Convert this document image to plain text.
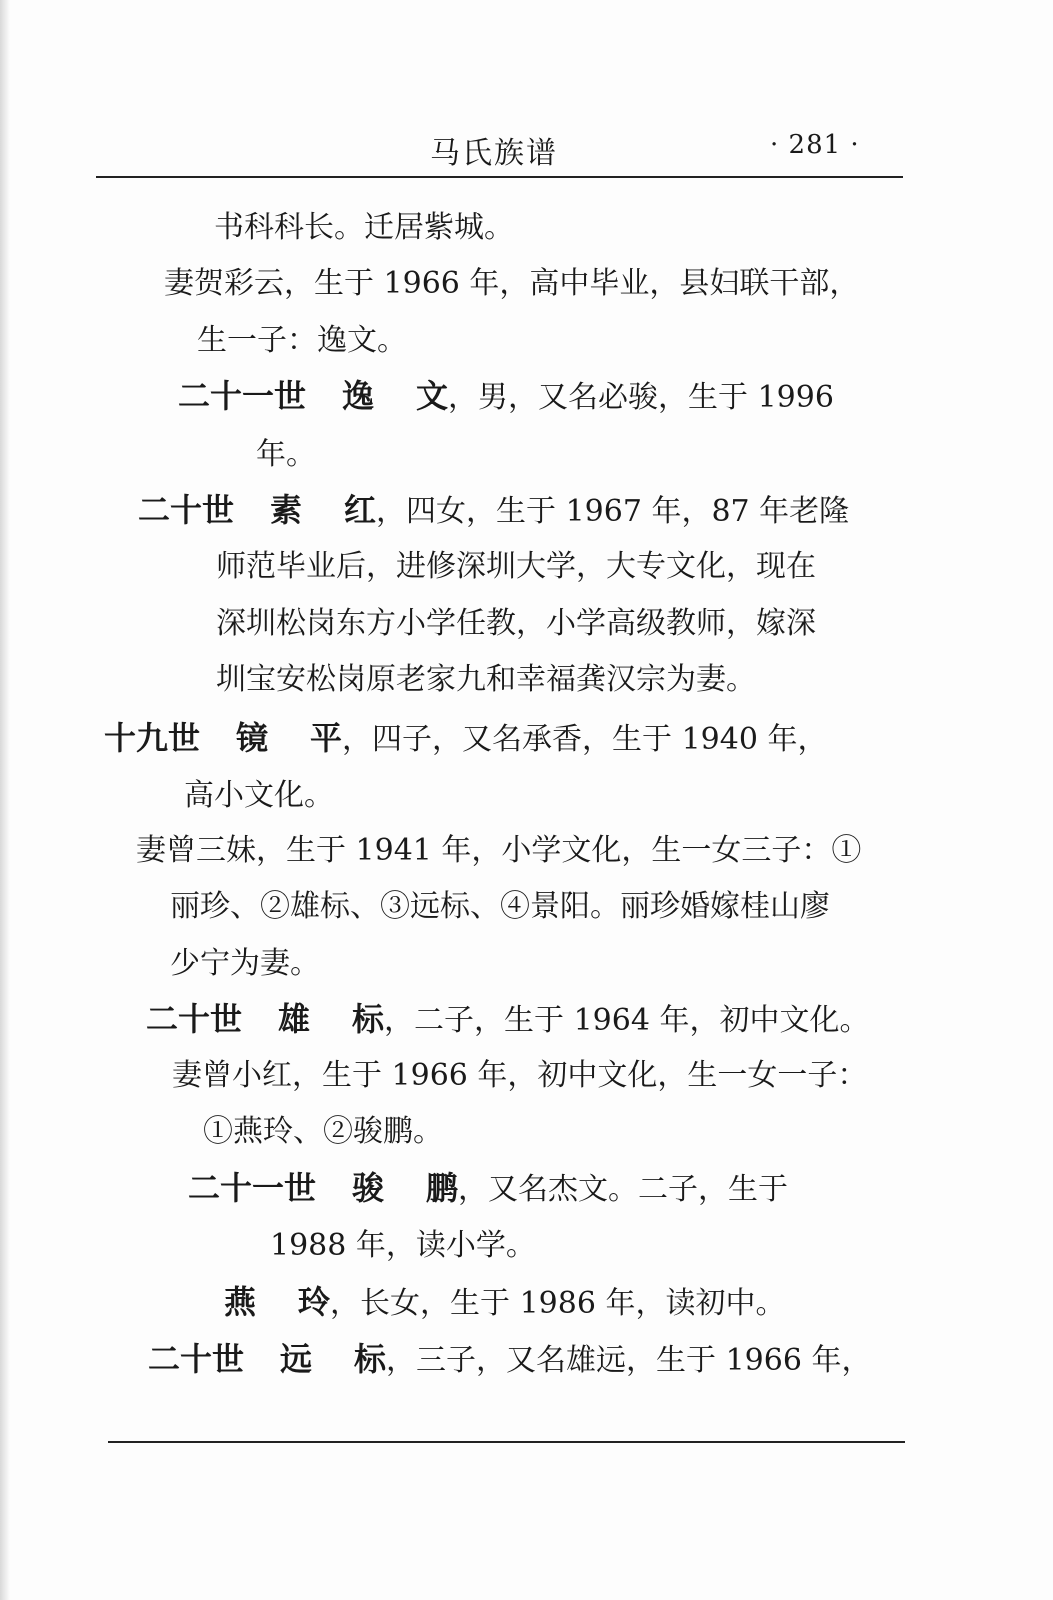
马氏族谱	· 281 ·
书科科长。迁居紫城。
妻贺彩云，生于 1966 年，高中毕业，县妇联干部，
生一子：逸文。
二十一世 逸 文，男，又名必骏，生于 1996
年。
二十世 素 红，四女，生于 1967 年，87 年老隆
师范毕业后，进修深圳大学，大专文化，现在
深圳松岗东方小学任教，小学高级教师，嫁深
圳宝安松岗原老家九和幸福龚汉宗为妻。
十九世 镜 平，四子，又名承香，生于 1940 年，
高小文化。
妻曾三妹，生于 1941 年，小学文化，生一女三子：①
丽珍、②雄标、③远标、④景阳。丽珍婚嫁桂山廖
少宁为妻。
二十世 雄 标，二子，生于 1964 年，初中文化。
妻曾小红，生于 1966 年，初中文化，生一女一子：
①燕玲、②骏鹏。
二十一世 骏 鹏，又名杰文。二子，生于
1988 年，读小学。
燕 玲，长女，生于 1986 年，读初中。
二十世 远 标，三子，又名雄远，生于 1966 年，
